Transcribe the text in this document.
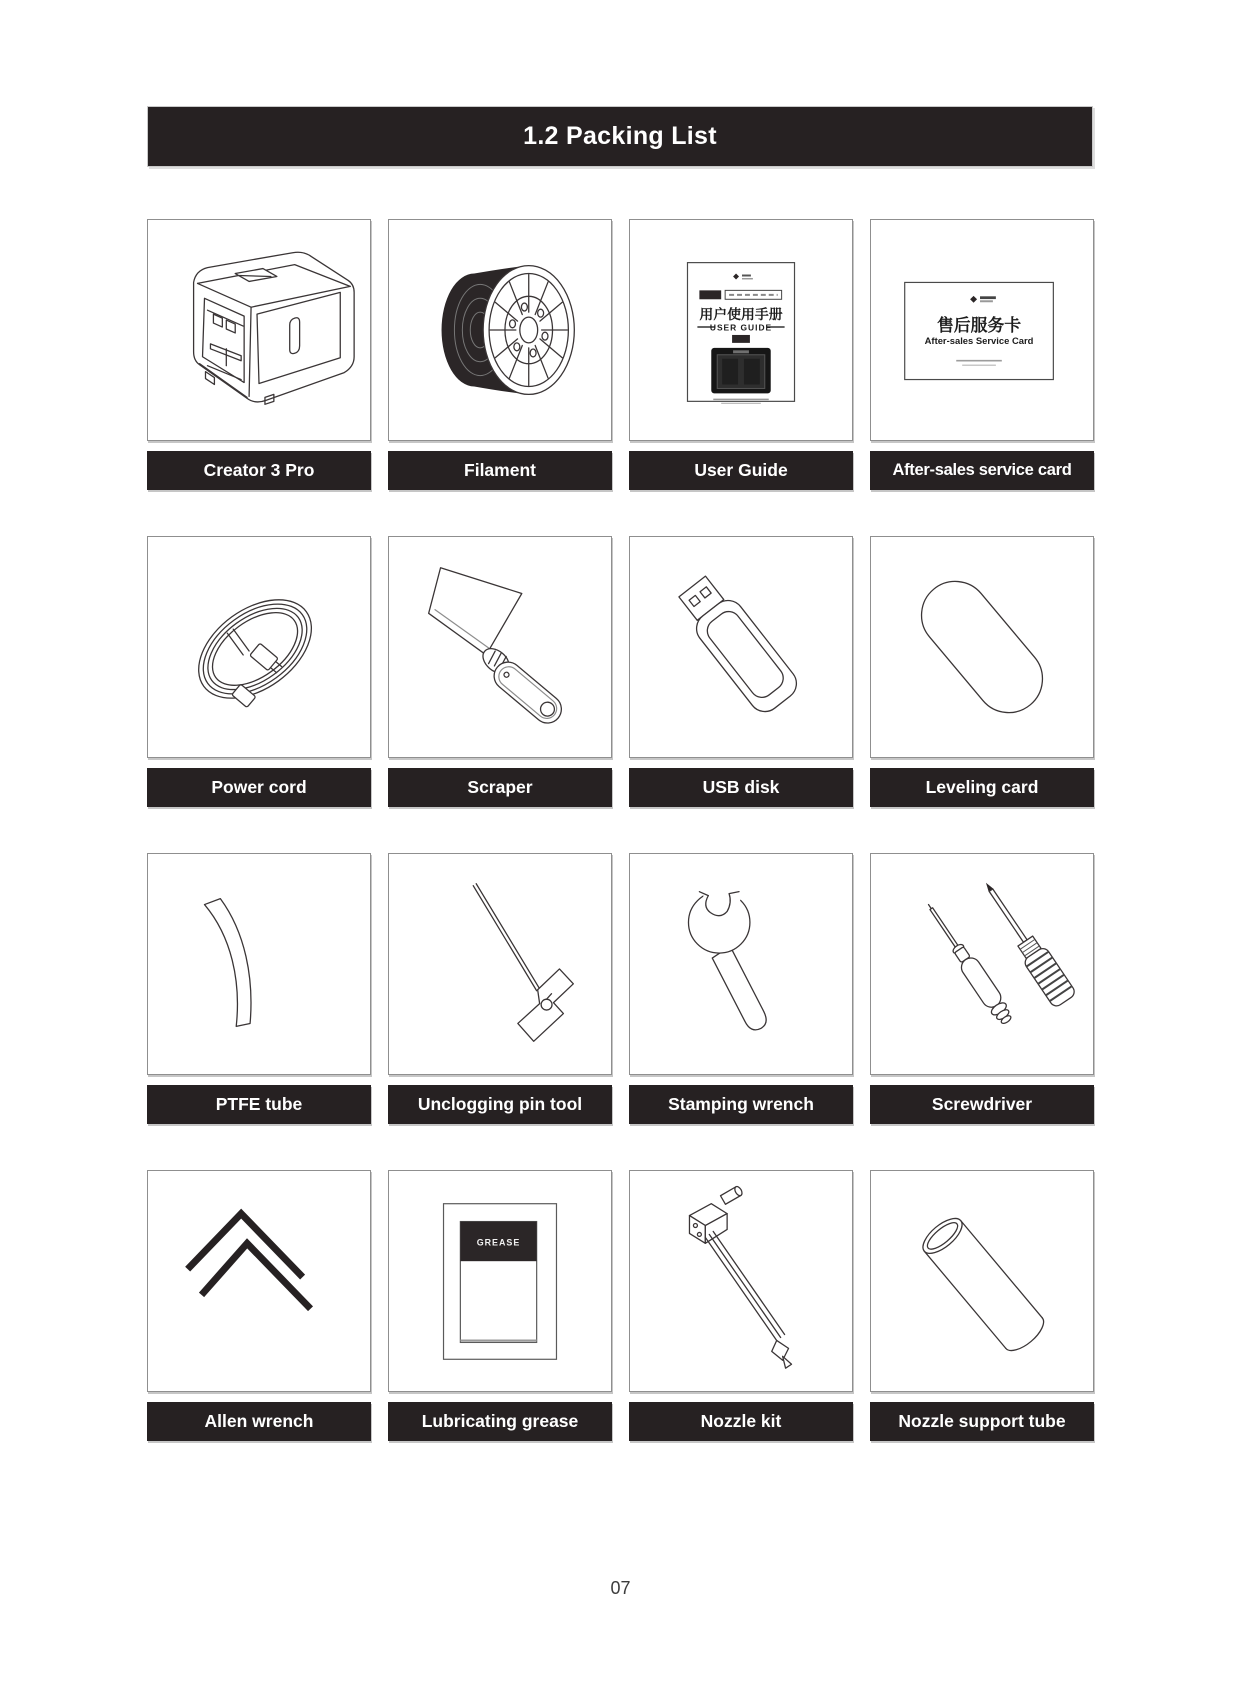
1.2 Packing List
Creator 3 Pro	Filament
用户使用手册
USER GUIDE
User Guide
售后服务卡
After-sales Service Card
After-sales service card
Power cord	Scraper	USB disk	Leveling card
PTFE tube	Unclogging pin tool	Stamping wrench	Screwdriver
Allen wrench
GREASE
Lubricating grease	Nozzle kit	Nozzle support tube
07
